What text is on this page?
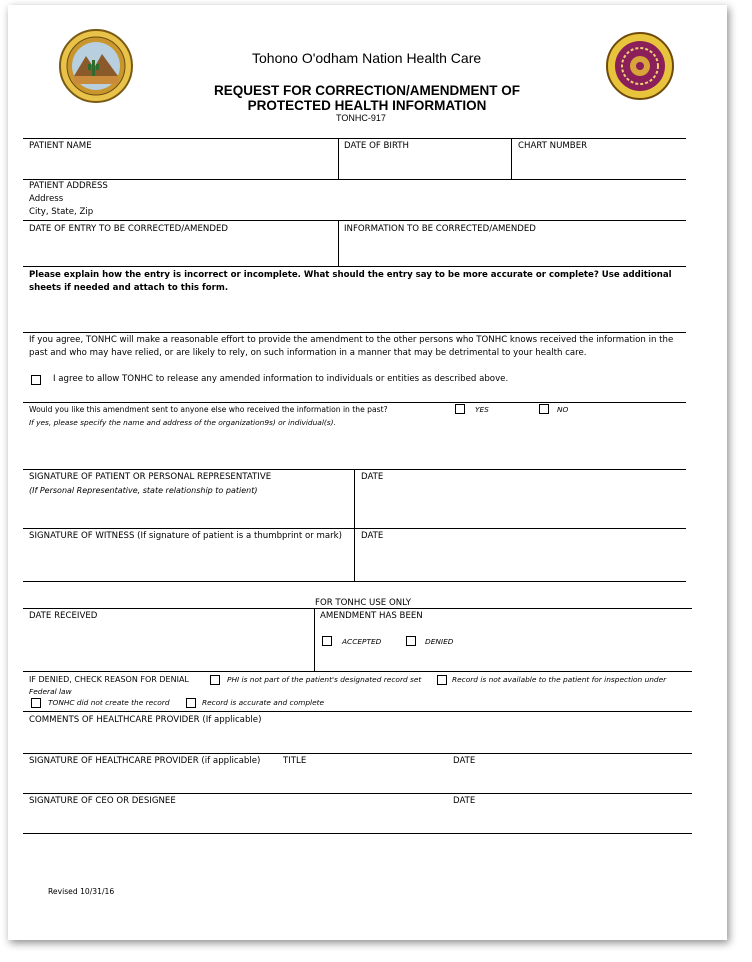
Tohono O'odham Nation Health Care
REQUEST FOR CORRECTION/AMENDMENT OF
PROTECTED HEALTH INFORMATION
TONHC-917
PATIENT NAME	DATE OF BIRTH	CHART NUMBER
PATIENT ADDRESS
Address
City, State, Zip
DATE OF ENTRY TO BE CORRECTED/AMENDED	INFORMATION TO BE CORRECTED/AMENDED
Please explain how the entry is incorrect or incomplete. What should the entry say to be more accurate or complete? Use additional sheets if needed and attach to this form.
If you agree, TONHC will make a reasonable effort to provide the amendment to the other persons who TONHC knows received the information in the past and who may have relied, or are likely to rely, on such information in a manner that may be detrimental to your health care.
I agree to allow TONHC to release any amended information to individuals or entities as described above.
Would you like this amendment sent to anyone else who received the information in the past?	YES	NO
If yes, please specify the name and address of the organization9s) or individual(s).
SIGNATURE OF PATIENT OR PERSONAL REPRESENTATIVE
(If Personal Representative, state relationship to patient)
DATE
SIGNATURE OF WITNESS (If signature of patient is a thumbprint or mark) DATE
FOR TONHC USE ONLY
DATE RECEIVED	AMENDMENT HAS BEEN
ACCEPTED	DENIED
IF DENIED, CHECK REASON FOR DENIAL	PHI is not part of the patient's designated record set	Record is not available to the patient for inspection under
Federal law
TONHC did not create the record	Record is accurate and complete
COMMENTS OF HEALTHCARE PROVIDER (If applicable)
SIGNATURE OF HEALTHCARE PROVIDER (if applicable)	TITLE	DATE
SIGNATURE OF CEO OR DESIGNEE	DATE
Revised 10/31/16
